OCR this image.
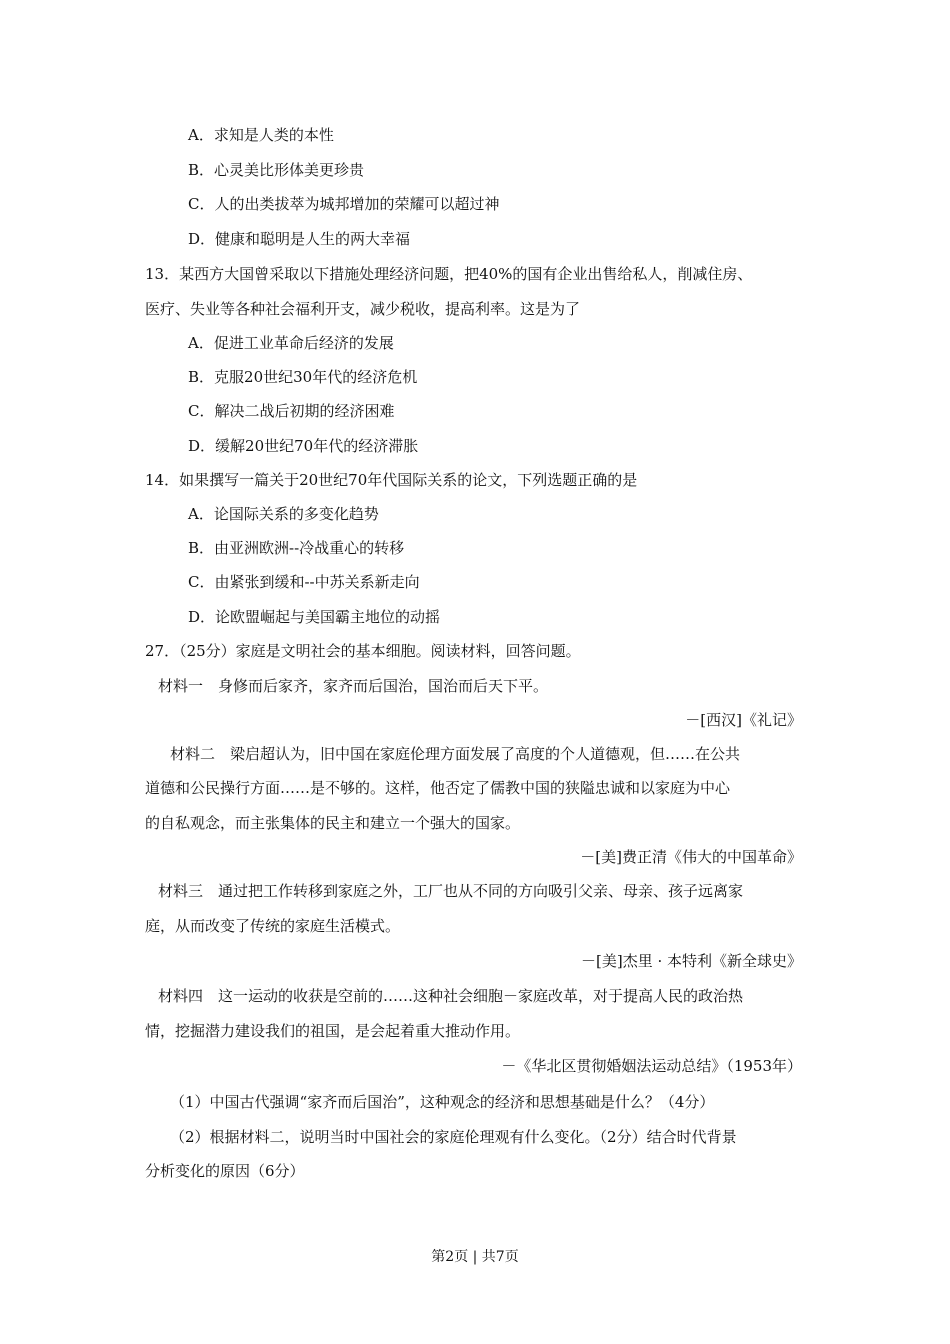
A．求知是人类的本性
B．心灵美比形体美更珍贵
C．人的出类拔萃为城邦增加的荣耀可以超过神
D．健康和聪明是人生的两大幸福
13．某西方大国曾采取以下措施处理经济问题，把40%的国有企业出售给私人，削减住房、
医疗、失业等各种社会福利开支，减少税收，提高利率。这是为了
A．促进工业革命后经济的发展
B．克服20世纪30年代的经济危机
C．解决二战后初期的经济困难
D．缓解20世纪70年代的经济滞胀
14．如果撰写一篇关于20世纪70年代国际关系的论文，下列选题正确的是
A．论国际关系的多变化趋势
B．由亚洲欧洲--冷战重心的转移
C．由紧张到缓和--中苏关系新走向
D．论欧盟崛起与美国霸主地位的动摇
27．（25分）家庭是文明社会的基本细胞。阅读材料，回答问题。
材料一　身修而后家齐，家齐而后国治，国治而后天下平。
－[西汉]《礼记》
材料二　梁启超认为，旧中国在家庭伦理方面发展了高度的个人道德观，但……在公共
道德和公民操行方面……是不够的。这样，他否定了儒教中国的狭隘忠诚和以家庭为中心
的自私观念，而主张集体的民主和建立一个强大的国家。
－[美]费正清《伟大的中国革命》
材料三　通过把工作转移到家庭之外，工厂也从不同的方向吸引父亲、母亲、孩子远离家
庭，从而改变了传统的家庭生活模式。
－[美]杰里 · 本特利《新全球史》
材料四　这一运动的收获是空前的……这种社会细胞－家庭改革，对于提高人民的政治热
情，挖掘潜力建设我们的祖国，是会起着重大推动作用。
－《华北区贯彻婚姻法运动总结》（1953年）
（1）中国古代强调“家齐而后国治”，这种观念的经济和思想基础是什么？（4分）
（2）根据材料二，说明当时中国社会的家庭伦理观有什么变化。（2分）结合时代背景
分析变化的原因（6分）
第2页 | 共7页
